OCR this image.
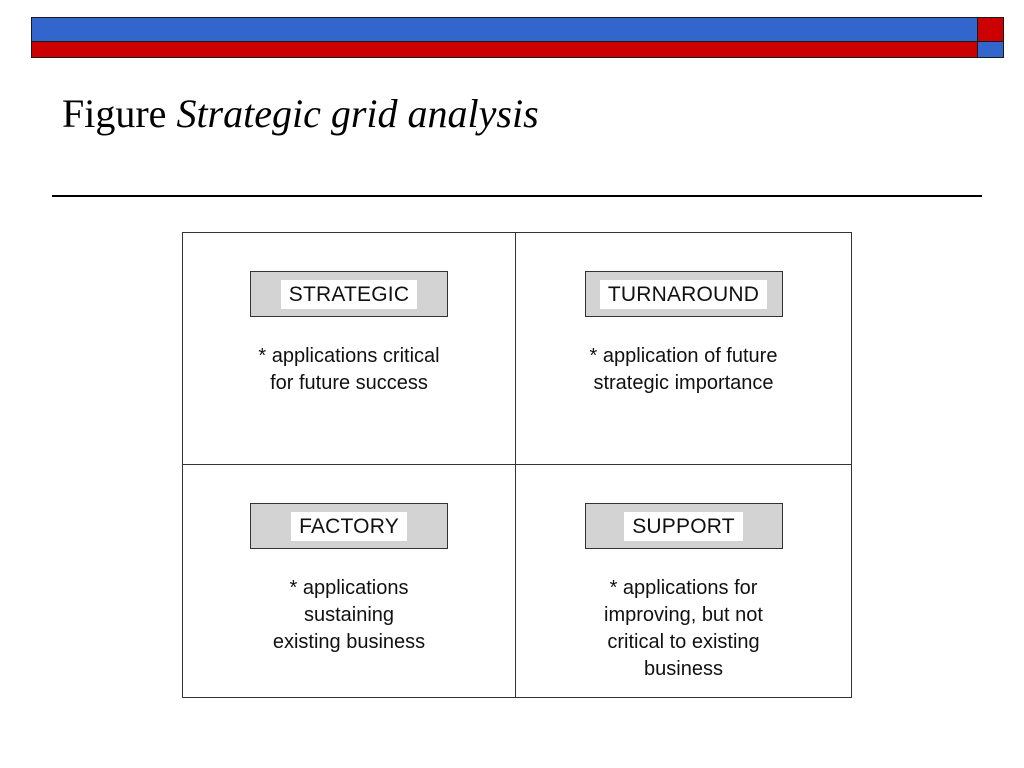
Figure Strategic grid analysis
STRATEGIC
* applications critical
for future success
TURNAROUND
* application of future
strategic importance
FACTORY
* applications
sustaining
existing business
SUPPORT
* applications for
improving, but not
critical to existing
business
